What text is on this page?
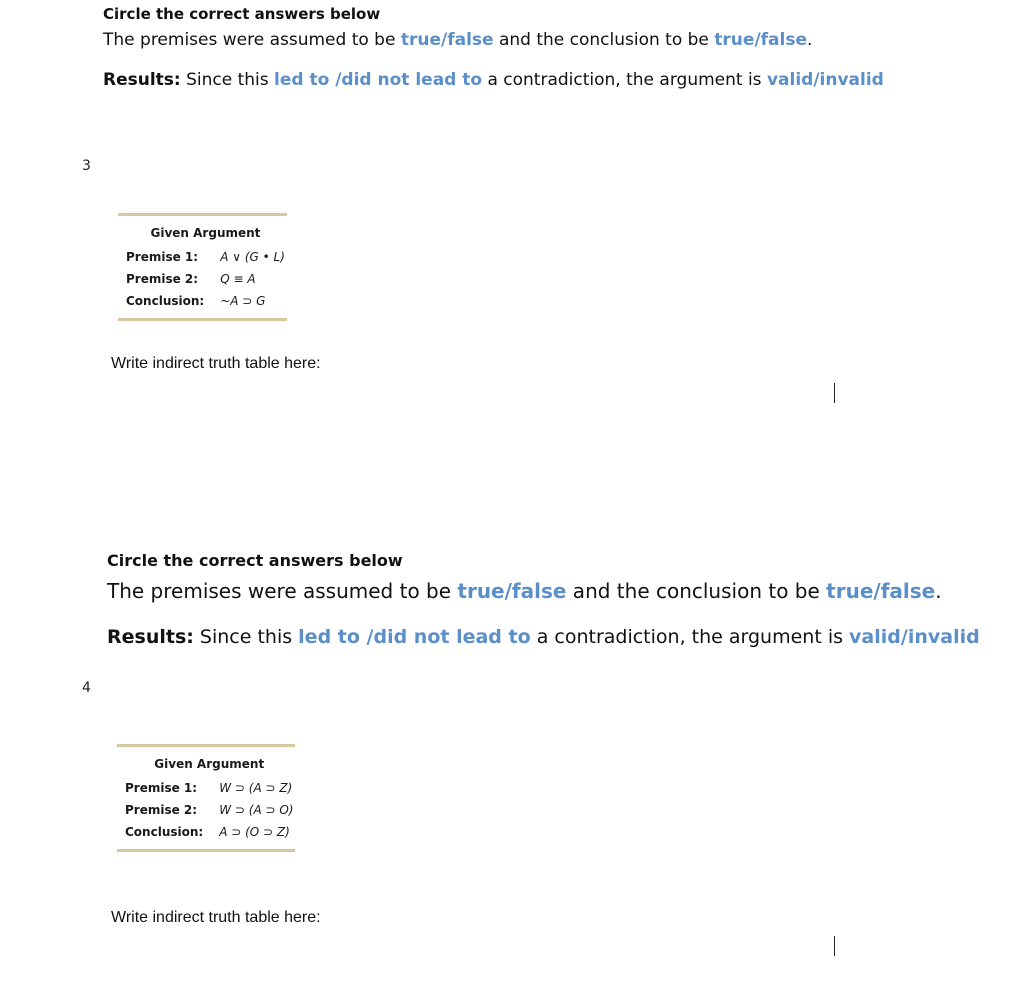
Circle the correct answers below
The premises were assumed to be true/false and the conclusion to be true/false.
Results: Since this led to /did not lead to a contradiction, the argument is valid/invalid
3
Given Argument	
Premise 1:	A ∨ (G • L)
Premise 2:	Q ≡ A
Conclusion:	~A ⊃ G
Write indirect truth table here:
Circle the correct answers below
The premises were assumed to be true/false and the conclusion to be true/false.
Results: Since this led to /did not lead to a contradiction, the argument is valid/invalid
4
Given Argument	
Premise 1:	W ⊃ (A ⊃ Z)
Premise 2:	W ⊃ (A ⊃ O)
Conclusion:	A ⊃ (O ⊃ Z)
Write indirect truth table here:
